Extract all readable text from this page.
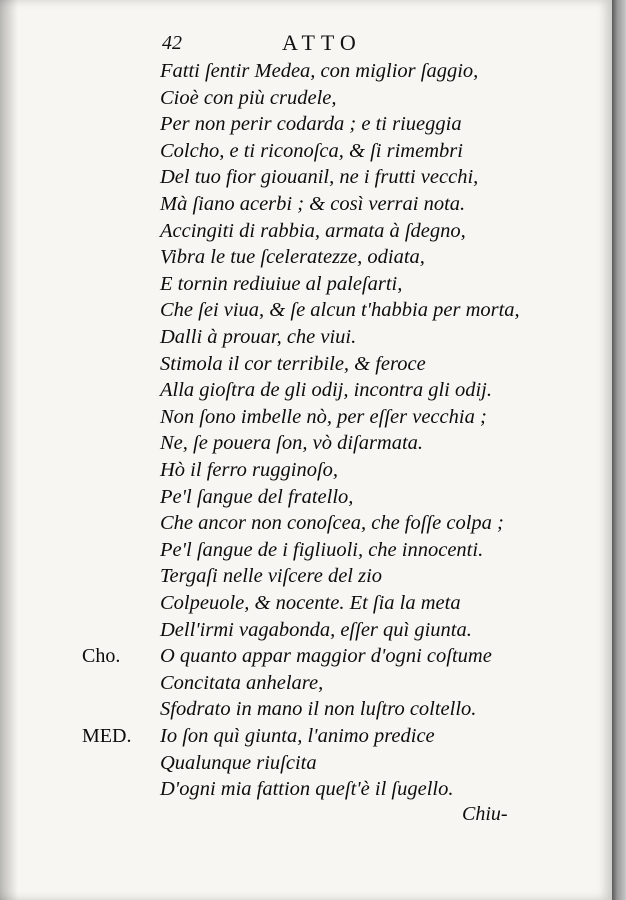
42	ATTO
Fatti ſentir Medea, con miglior ſaggio,
Cioè con più crudele,
Per non perir codarda ; e ti riueggia
Colcho, e ti riconoſca, & ſi rimembri
Del tuo fior giouanil, ne i frutti vecchi,
Mà ſiano acerbi ; & così verrai nota.
Accingiti di rabbia, armata à ſdegno,
Vibra le tue ſceleratezze, odiata,
E tornin rediuiue al paleſarti,
Che ſei viua, & ſe alcun t'habbia per morta,
Dalli à prouar, che viui.
Stimola il cor terribile, & feroce
Alla gioſtra de gli odij, incontra gli odij.
Non ſono imbelle nò, per eſſer vecchia ;
Ne, ſe pouera ſon, vò diſarmata.
Hò il ferro rugginoſo,
Pe'l ſangue del fratello,
Che ancor non conoſcea, che foſſe colpa ;
Pe'l ſangue de i figliuoli, che innocenti.
Tergaſi nelle viſcere del zio
Colpeuole, & nocente. Et ſia la meta
Dell'irmi vagabonda, eſſer quì giunta.
Cho. O quanto appar maggior d'ogni coſtume
Concitata anhelare,
Sfodrato in mano il non luſtro coltello.
MED. Io ſon quì giunta, l'animo predice
Qualunque riuſcita
D'ogni mia fattion queſt'è il ſugello.
Chiu-
